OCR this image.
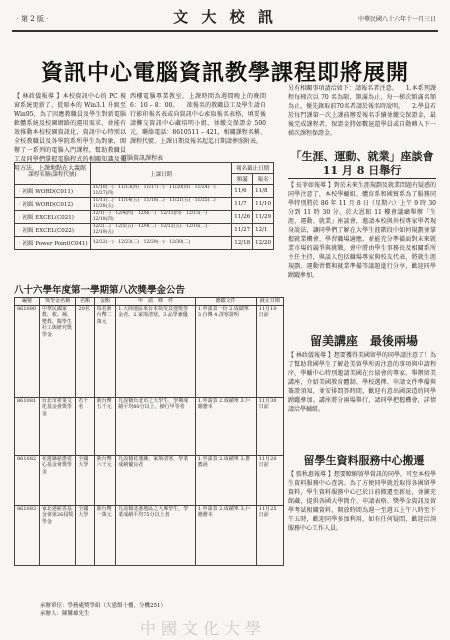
‧第 2 版‧	文 大 校 訊	中華民國八十六年十一月三日
資訊中心電腦資訊教學課程即將展開
【 林政儀報導 】本校資訊中心的 PC 視窗系統更新了，從原本的 Win3.1 升級至 Win95，為了因應教職員及學生對新電腦軟體系統及校園網路的運用需求，並能有效推動本校校園資訊化，資訊中心特別以全校教職員及各學院系所學生為對象，開辦了一系列的電腦入門課程，幫助教職員工及同學們掌握電腦程式的相關知識及使用方法，上課地點在大義館
西樓電腦專業教室，上課時間為週間晚上的晚間 6：10 – 8：00。 　欲報名的教職員工及學生請自行影印報名表或向資訊中心索取報名表格，填妥後請擲交資訊中心藏培明小姐，並繳交保證金 500 元，聯絡電話：8610511 – 421，相關課程名稱、課程代號、上課日期及報名起迄日期請參照附表。
另有相關事項請洽如下：請報名者注意。 　1.本系列課程每梯次以 70 名為限，額滿為止，每一梯次額滿名額為止，優先錄取前70名者請於報名時說明。 　2.學員若於每門課第一次上課前辦妥報名手續並繳交保證金，最後完成課程者，保證金將如數退還學員或自動轉入下一梯次課程保證金。
電腦資訊課程表
課程名稱(課程代號)	上課日期	報名截止日期	
		額滿	報名
‧初級 WORD(C011)	11/10(一)‧11/13(四)‧11/17(一)‧11/20(四)‧11/24(一)‧11/27(四)	11/6	11/8
‧初級 WORD(C012)	11/11(二)‧11/14(五)‧11/18(二)‧11/21(五)‧11/25(二)‧11/28(五)	11/7	11/10
‧初級 EXCEL(C021)	12/1(一)‧12/4(四)‧12/8(一)‧12/11(四)‧12/15(一)‧12/18(四)	11/26	11/29
‧初級 EXCEL(C022)	12/2(二)‧12/5(五)‧12/9(二)‧12/12(五)‧12/16(二)‧12/19(五)	11/27	12/1
‧初級 Power Point(C041)	12/22(一)‧12/23(二)‧12/29(一)‧12/30(二)	12/18	12/20
「生涯、運動、就業」座談會 11 月 8 日舉行
【 長菲如報導 】對於未來生涯規劃及就業問題有疑惑的同學注意了，本校學輔組、體育系和國貿系為了服務同學特別將於 86 年 11 月 8 日（星期六）上午 9 時 30 分到 11 時 30 分，於大恩館 11 樓會議廳舉辦「生涯、運動、就業」座談會，邀請本校與外校專家學者現身說法，讓同學們了解在大學生涯階段中如何規劃並掌握就業機會、學習職場適應，並能充分準備面對未來就業市場的競爭與挑戰。會中將由學生事務長及相關系所主任主持，與談人包括職場專家與校友代表，將就生涯規劃、運動習慣與就業準備等議題進行分享，歡迎同學踴躍參加。
八十六學年度第一學期第八次獎學金公告
編號	獎學金名稱	名額	金額	申　請　條　件	應繳文件	截止日期
861080	中華民國家教、救、補、整教、醫學生社工與研究獎學金	20名	每名新台幣二萬元	1.大陸地區來台未領受其他獎學金者。2.家境清寒。3.品學兼優	1.申請表一份 2.成績單 3.自傳 4.清寒證明	11月10日前
861081	台北市產業文化基金會獎學金	若干名	新台幣五千元	凡設籍台北市之大學生，學期成績平均80分以上，操行甲等者	1.申請表 2.成績單 3.戶籍謄本	11月30日前
861082	花蓮縣慈惠愛心基金會獎學金	全國大學	新台幣六千元	凡設籍花蓮縣，家境清寒，學業成績優良者	1.申請表 2.成績單 3.推薦函	11月20日前
861083	家北港慈善基金會第26屆獎學金	全國大學	新台幣一萬元	凡設籍北港地區之大專學生，學業成績平均75分以上者	1.申請表 2.成績單 3.戶籍謄本	11月25日前
留美講座　最後兩場
【 林政儀報導 】想要獲得美國留學的同學請注意了！為了幫助我國學生了解赴美留學所需注意的事項與申請程序，學輔中心特別邀請美國在台協會的專家，舉辦留美講座，介紹美國教育體制、學校選擇、申請文件準備與簽證須知，並安排問答時間，歡迎有意出國深造的同學踴躍參加。講座將分兩場舉行，請同學把握機會，詳情請洽學輔組。
留學生資料服務中心搬遷
【 張秋惠報導 】想要瞭解留學資訊的同學，可至本校學生資料服務中心查詢。為了方便同學就近取得各國留學資料，學生資料服務中心已於日前搬遷至新址，並擴充館藏，提供各國大學簡介、申請表格、獎學金資訊及留學考試相關資料，開放時間為週一至週五上午八時至下午五時，歡迎同學多加利用，如有任何疑問，歡迎洽詢服務中心工作人員。
承辦單位：學務處獎學組（大恩館十樓，分機251）
承辦人：陳鸞雄先生
中國文化大學
